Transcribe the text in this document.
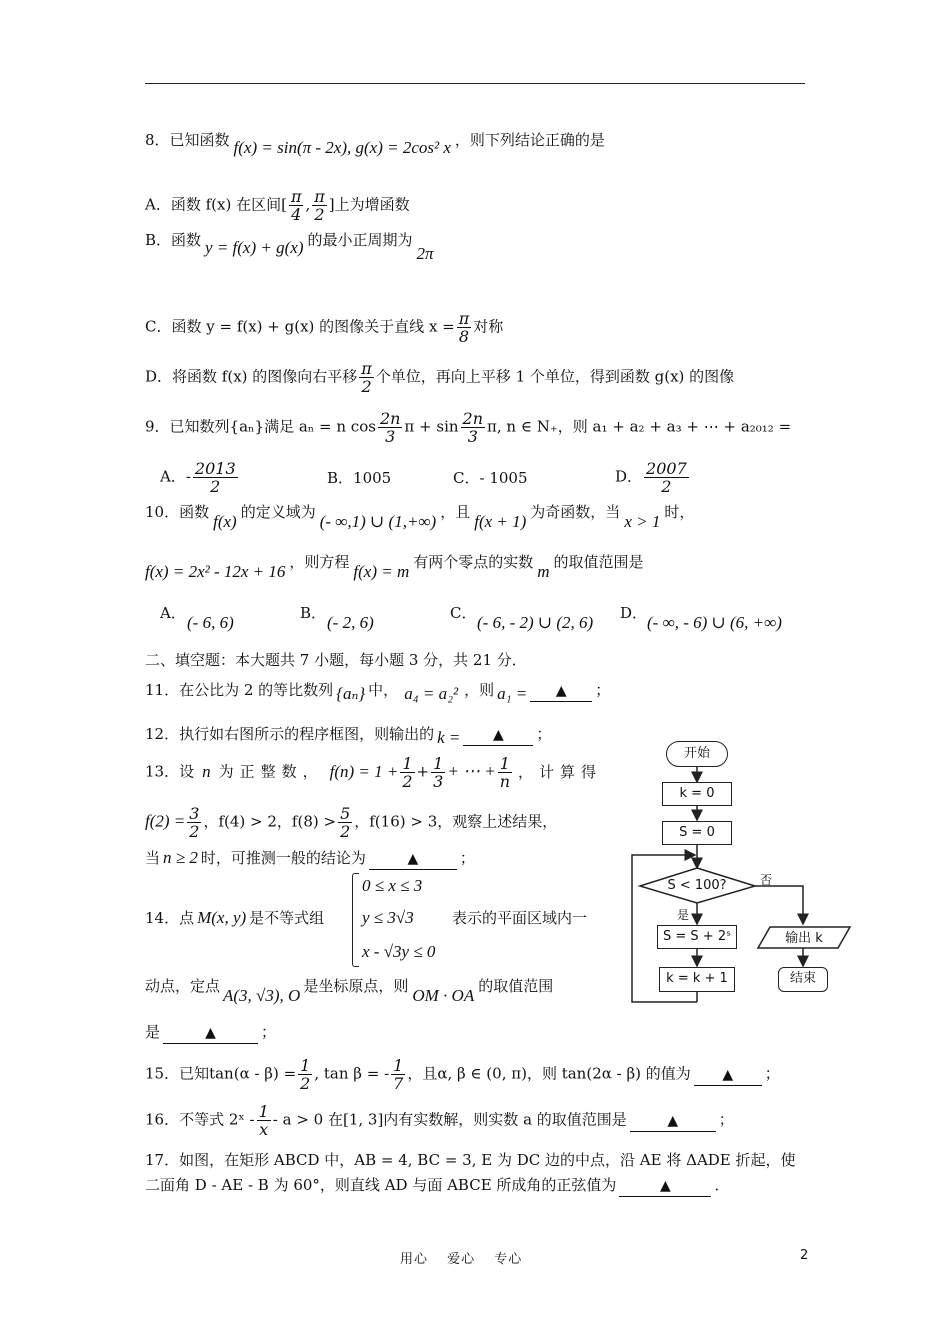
8．已知函数 f(x) = sin(π - 2x), g(x) = 2cos² x ，则下列结论正确的是
A．函数 f(x) 在区间[ $\frac{\pi}{4}$ , $\frac{\pi}{2}$ ]上为增函数
B．函数 y = f(x) + g(x) 的最小正周期为2π
C．函数 y = f(x) + g(x) 的图像关于直线 $x = \frac{\pi}{8}$ 对称
D．将函数 f(x) 的图像向右平移 $\frac{\pi}{2}$ 个单位，再向上平移 1 个单位，得到函数 g(x) 的图像
9．已知数列{aₙ}满足 aₙ = n $\cos \frac{2n}{3}$ $\pi + \sin \frac{2n}{3} \pi$, n ∈ N₊，则 a₁ + a₂ + a₃ + ⋯ + a₂₀₁₂ =
A．- $\frac{2013}{2}$	B．1005	C．- 1005	D． $\frac{2007}{2}$
10．函数 f(x) 的定义域为 (- ∞,1) ∪ (1,+∞) ，且 f(x + 1) 为奇函数，当 x > 1 时，
f(x) = 2x² - 12x + 16 ，则方程 f(x) = m 有两个零点的实数 m 的取值范围是
A． (- 6, 6)	B． (- 2, 6)	C． (- 6, - 2) ∪ (2, 6) D． (- ∞, - 6) ∪ (6, +∞)
二、填空题：本大题共 7 小题，每小题 3 分，共 21 分．
11．在公比为 2 的等比数列 {aₙ} 中， a₄ = a₂² ，则 a₁ = ▲ ；
12．执行如右图所示的程序框图，则输出的 k = ▲ ；
13．设 n 为正整数， $f(n) = 1 + \frac{1}{2} + \frac{1}{3}$ + ⋯ + $\frac{1}{n}$ ，计算得
$f(2) = \frac{3}{2}$ ，f(4) > 2，$f(8) > \frac{5}{2}$ ，f(16) > 3，观察上述结果，
当 n ≥ 2 时，可推测一般的结论为	▲	；
0 ≤ x ≤ 3
y ≤ 3√3
x - √3y ≤ 0
14．点 M(x, y) 是不等式组	表示的平面区域内一
动点，定点 A(3, √3), O 是坐标原点，则 OM · OA 的取值范围
是	▲	；
15．已知$\tan(\alpha - \beta) = \frac{1}{2}$ , tan β = - $\frac{1}{7}$ ，且α, β ∈ (0, π)，则 tan(2α - β) 的值为 ▲ ；
16．不等式 2ˣ - $\frac{1}{x} - a > 0$ 在[1, 3]内有实数解，则实数 a 的取值范围是	▲	；
17．如图，在矩形 ABCD 中，AB = 4, BC = 3, E 为 DC 边的中点，沿 AE 将 ΔADE 折起，使
二面角 D - AE - B 为 60°，则直线 AD 与面 ABCE 所成角的正弦值为	▲	．
开始
k = 0
S = 0
S < 100?	否
是
S = S + 2ˢ	输出 k
k = k + 1	结束
用心　 爱心　 专心	2
